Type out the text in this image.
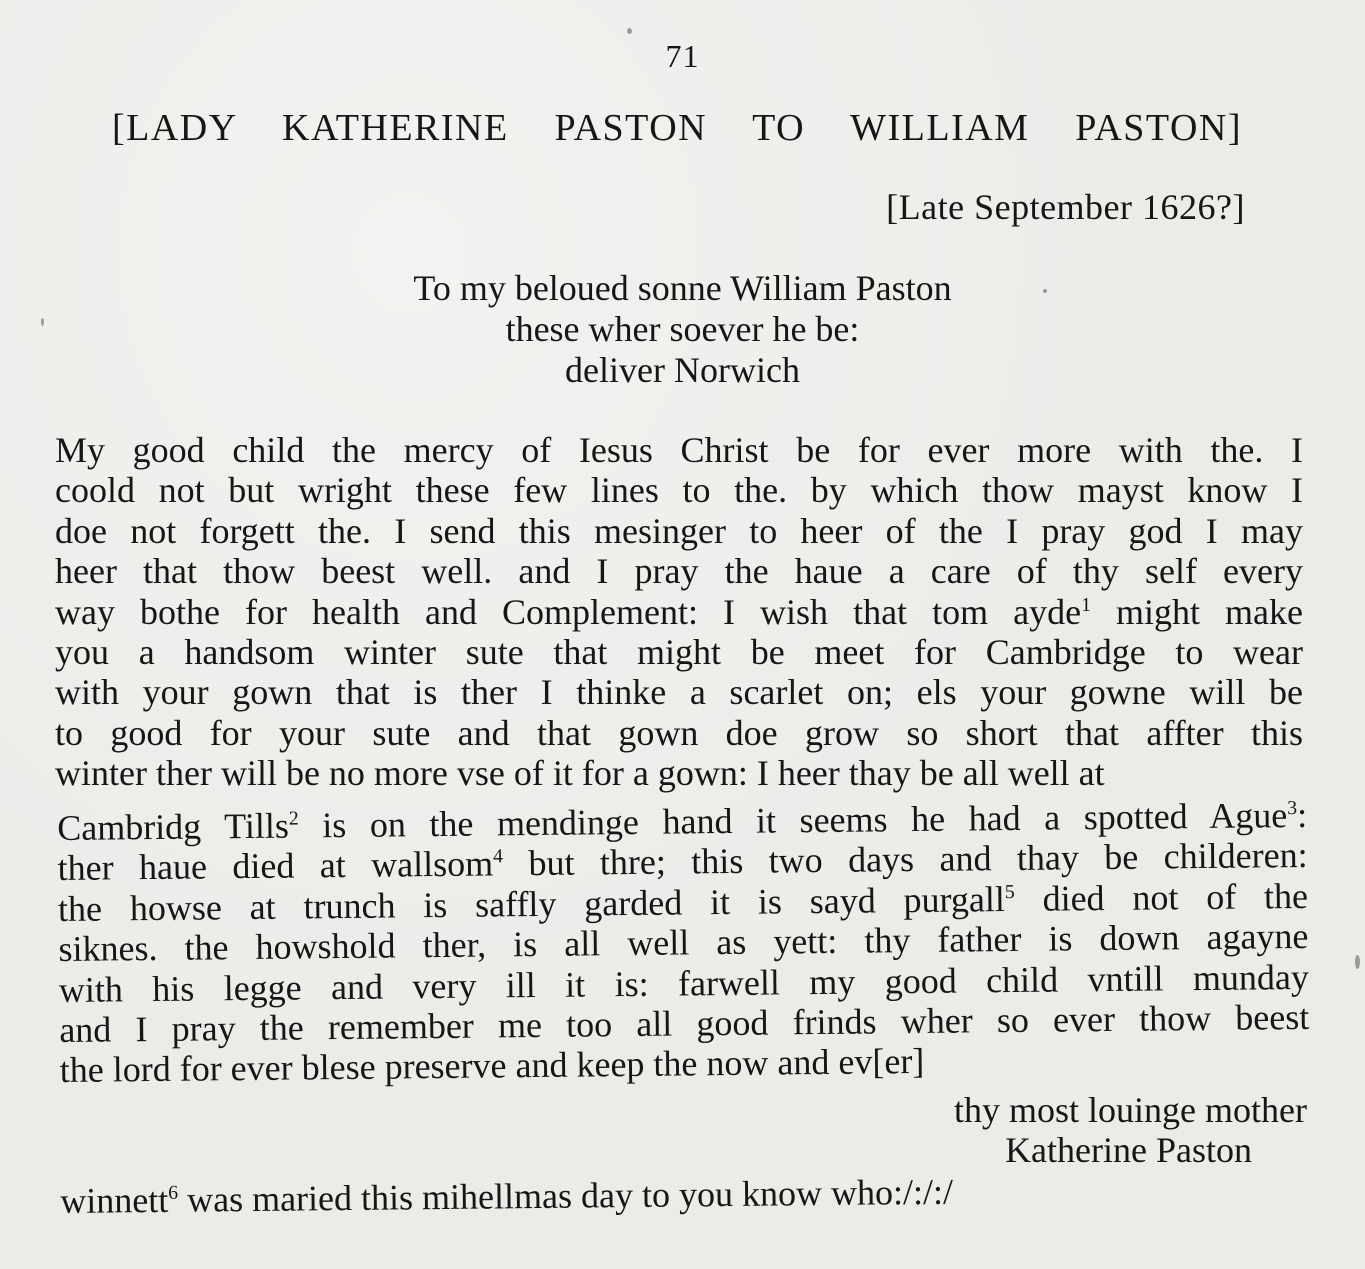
71
[LADY KATHERINE PASTON TO WILLIAM PASTON]
[Late September 1626?]
To my beloued sonne William Paston
these wher soever he be:
deliver Norwich
My good child the mercy of Iesus Christ be for ever more with the. I
coold not but wright these few lines to the. by which thow mayst know I
doe not forgett the. I send this mesinger to heer of the I pray god I may
heer that thow beest well. and I pray the haue a care of thy self every
way bothe for health and Complement: I wish that tom ayde$^1$ might make
you a handsom winter sute that might be meet for Cambridge to wear
with your gown that is ther I thinke a scarlet on; els your gowne will be
to good for your sute and that gown doe grow so short that affter this
winter ther will be no more vse of it for a gown: I heer thay be all well at
Cambridg Tills$^2$ is on the mendinge hand it seems he had a spotted Ague$^3$:
ther haue died at wallsom$^4$ but thre; this two days and thay be childeren:
the howse at trunch is saffly garded it is sayd purgall$^5$ died not of the
siknes. the howshold ther, is all well as yett: thy father is down agayne
with his legge and very ill it is: farwell my good child vntill munday
and I pray the remember me too all good frinds wher so ever thow beest
the lord for ever blese preserve and keep the now and ev[er]
thy most louinge mother
Katherine Paston
winnett$^6$ was maried this mihellmas day to you know who:/:/:/
